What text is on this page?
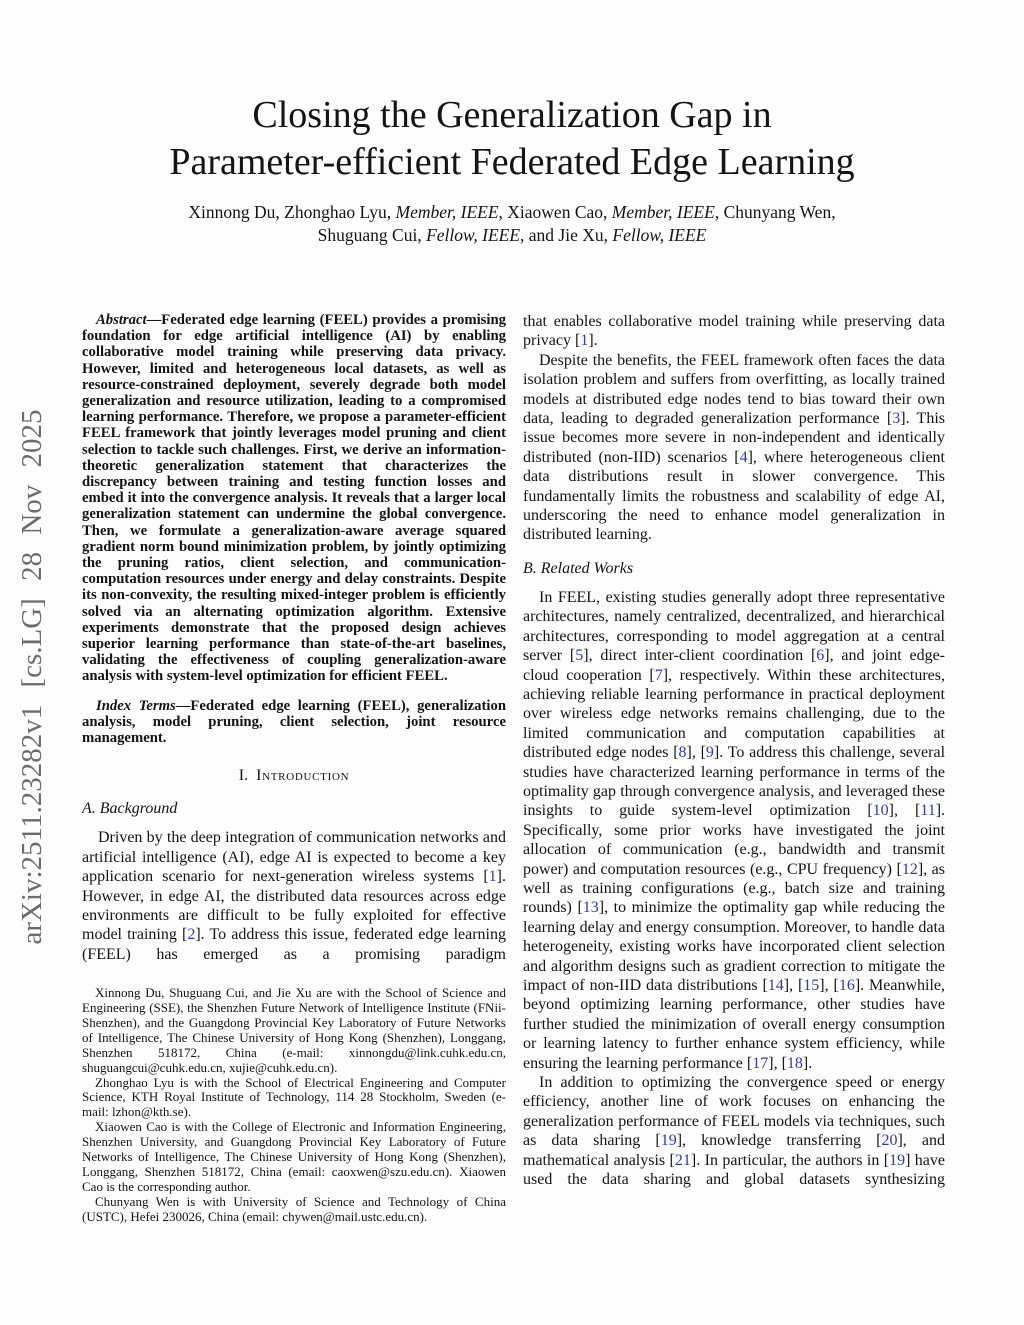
arXiv:2511.23282v1 [cs.LG] 28 Nov 2025
Closing the Generalization Gap in
Parameter-efficient Federated Edge Learning
Xinnong Du, Zhonghao Lyu, Member, IEEE, Xiaowen Cao, Member, IEEE, Chunyang Wen,
Shuguang Cui, Fellow, IEEE, and Jie Xu, Fellow, IEEE

Abstract—Federated edge learning (FEEL) provides a promising foundation for edge artificial intelligence (AI) by enabling collaborative model training while preserving data privacy. However, limited and heterogeneous local datasets, as well as resource-constrained deployment, severely degrade both model generalization and resource utilization, leading to a compromised learning performance. Therefore, we propose a parameter-efficient FEEL framework that jointly leverages model pruning and client selection to tackle such challenges. First, we derive an information-theoretic generalization statement that characterizes the discrepancy between training and testing function losses and embed it into the convergence analysis. It reveals that a larger local generalization statement can undermine the global convergence. Then, we formulate a generalization-aware average squared gradient norm bound minimization problem, by jointly optimizing the pruning ratios, client selection, and communication-computation resources under energy and delay constraints. Despite its non-convexity, the resulting mixed-integer problem is efficiently solved via an alternating optimization algorithm. Extensive experiments demonstrate that the proposed design achieves superior learning performance than state-of-the-art baselines, validating the effectiveness of coupling generalization-aware analysis with system-level optimization for efficient FEEL.

Index Terms—Federated edge learning (FEEL), generalization analysis, model pruning, client selection, joint resource management.

I. Introduction
A. Background

Driven by the deep integration of communication networks and artificial intelligence (AI), edge AI is expected to become a key application scenario for next-generation wireless systems [1]. However, in edge AI, the distributed data resources across edge environments are difficult to be fully exploited for effective model training [2]. To address this issue, federated edge learning (FEEL) has emerged as a promising paradigm

Xinnong Du, Shuguang Cui, and Jie Xu are with the School of Science and Engineering (SSE), the Shenzhen Future Network of Intelligence Institute (FNii-Shenzhen), and the Guangdong Provincial Key Laboratory of Future Networks of Intelligence, The Chinese University of Hong Kong (Shenzhen), Longgang, Shenzhen 518172, China (e-mail: xinnongdu@link.cuhk.edu.cn, shuguangcui@cuhk.edu.cn, xujie@cuhk.edu.cn).

Zhonghao Lyu is with the School of Electrical Engineering and Computer Science, KTH Royal Institute of Technology, 114 28 Stockholm, Sweden (e-mail: lzhon@kth.se).

Xiaowen Cao is with the College of Electronic and Information Engineering, Shenzhen University, and Guangdong Provincial Key Laboratory of Future Networks of Intelligence, The Chinese University of Hong Kong (Shenzhen), Longgang, Shenzhen 518172, China (email: caoxwen@szu.edu.cn). Xiaowen Cao is the corresponding author.

Chunyang Wen is with University of Science and Technology of China (USTC), Hefei 230026, China (email: chywen@mail.ustc.edu.cn).

that enables collaborative model training while preserving data privacy [1].

Despite the benefits, the FEEL framework often faces the data isolation problem and suffers from overfitting, as locally trained models at distributed edge nodes tend to bias toward their own data, leading to degraded generalization performance [3]. This issue becomes more severe in non-independent and identically distributed (non-IID) scenarios [4], where heterogeneous client data distributions result in slower convergence. This fundamentally limits the robustness and scalability of edge AI, underscoring the need to enhance model generalization in distributed learning.

B. Related Works

In FEEL, existing studies generally adopt three representative architectures, namely centralized, decentralized, and hierarchical architectures, corresponding to model aggregation at a central server [5], direct inter-client coordination [6], and joint edge-cloud cooperation [7], respectively. Within these architectures, achieving reliable learning performance in practical deployment over wireless edge networks remains challenging, due to the limited communication and computation capabilities at distributed edge nodes [8], [9]. To address this challenge, several studies have characterized learning performance in terms of the optimality gap through convergence analysis, and leveraged these insights to guide system-level optimization [10], [11]. Specifically, some prior works have investigated the joint allocation of communication (e.g., bandwidth and transmit power) and computation resources (e.g., CPU frequency) [12], as well as training configurations (e.g., batch size and training rounds) [13], to minimize the optimality gap while reducing the learning delay and energy consumption. Moreover, to handle data heterogeneity, existing works have incorporated client selection and algorithm designs such as gradient correction to mitigate the impact of non-IID data distributions [14], [15], [16]. Meanwhile, beyond optimizing learning performance, other studies have further studied the minimization of overall energy consumption or learning latency to further enhance system efficiency, while ensuring the learning performance [17], [18].

In addition to optimizing the convergence speed or energy efficiency, another line of work focuses on enhancing the generalization performance of FEEL models via techniques, such as data sharing [19], knowledge transferring [20], and mathematical analysis [21]. In particular, the authors in [19] have used the data sharing and global datasets synthesizing
